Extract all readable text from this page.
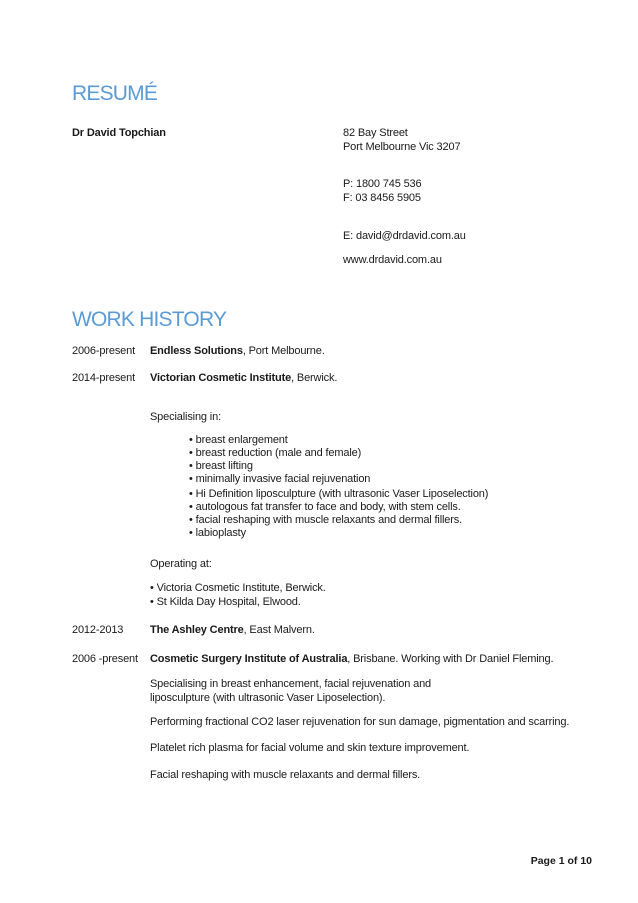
RESUMÉ
Dr David Topchian	82 Bay Street
Port Melbourne Vic 3207
P: 1800 745 536
F: 03 8456 5905
E: david@drdavid.com.au
www.drdavid.com.au
WORK HISTORY
2006-present Endless Solutions, Port Melbourne.
2014-present Victorian Cosmetic Institute, Berwick.
Specialising in:
• breast enlargement
• breast reduction (male and female)
• breast lifting
• minimally invasive facial rejuvenation
• Hi Definition liposculpture (with ultrasonic Vaser Liposelection)
• autologous fat transfer to face and body, with stem cells.
• facial reshaping with muscle relaxants and dermal fillers.
• labioplasty
Operating at:
• Victoria Cosmetic Institute, Berwick.
• St Kilda Day Hospital, Elwood.
2012-2013 The Ashley Centre, East Malvern.
2006 -present Cosmetic Surgery Institute of Australia, Brisbane. Working with Dr Daniel Fleming.
Specialising in breast enhancement, facial rejuvenation and
liposculpture (with ultrasonic Vaser Liposelection).
Performing fractional CO2 laser rejuvenation for sun damage, pigmentation and scarring.
Platelet rich plasma for facial volume and skin texture improvement.
Facial reshaping with muscle relaxants and dermal fillers.
Page 1 of 10
